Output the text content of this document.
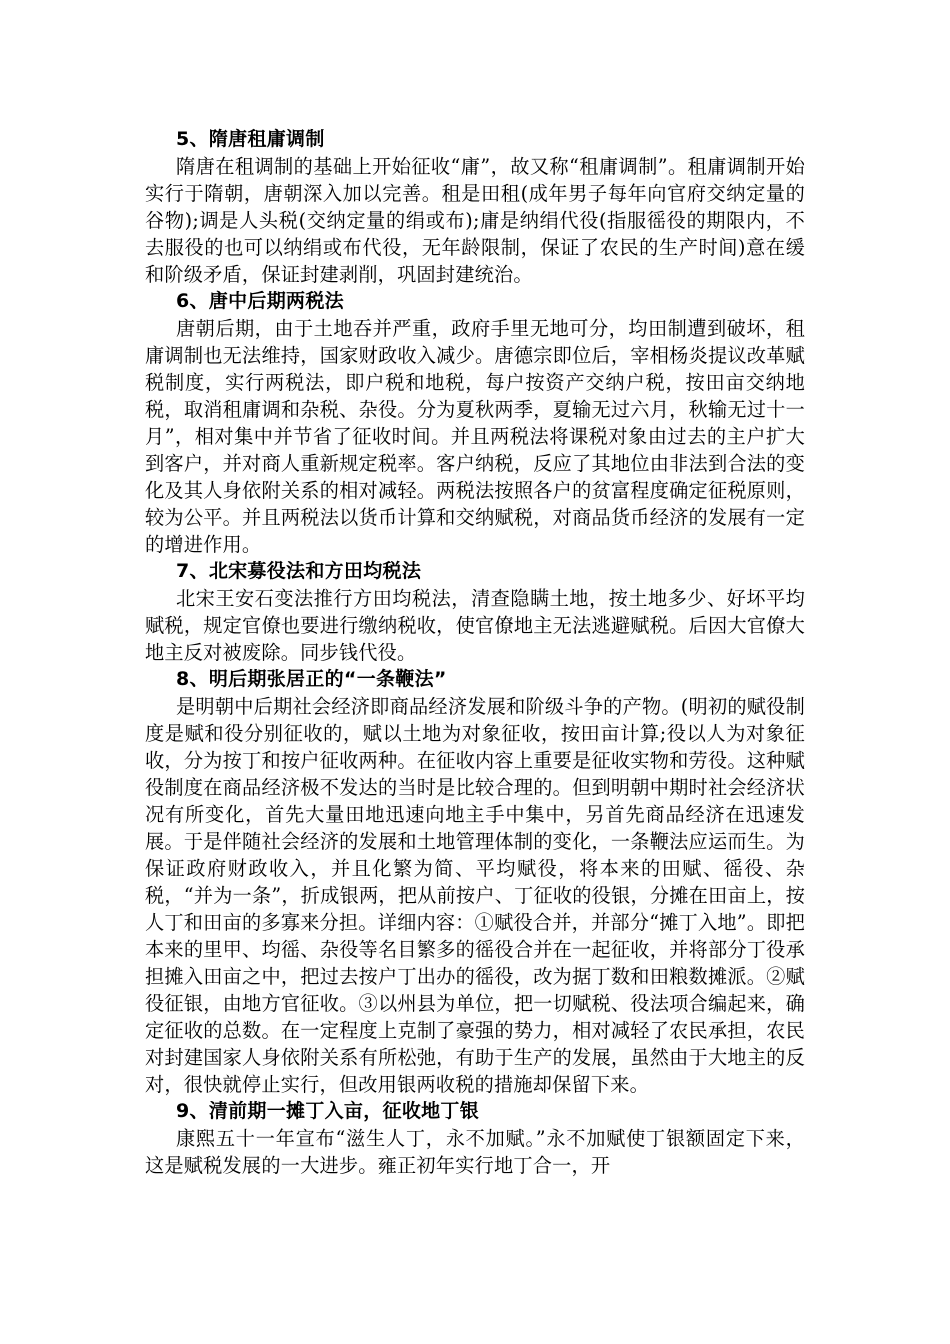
5、隋唐租庸调制

隋唐在租调制的基础上开始征收“庸”，故又称“租庸调制”。租庸调制开始实行于隋朝，唐朝深入加以完善。租是田租(成年男子每年向官府交纳定量的谷物);调是人头税(交纳定量的绢或布);庸是纳绢代役(指服徭役的期限内，不去服役的也可以纳绢或布代役，无年龄限制，保证了农民的生产时间)意在缓和阶级矛盾，保证封建剥削，巩固封建统治。

6、唐中后期两税法

唐朝后期，由于土地吞并严重，政府手里无地可分，均田制遭到破坏，租庸调制也无法维持，国家财政收入减少。唐德宗即位后，宰相杨炎提议改革赋税制度，实行两税法，即户税和地税，每户按资产交纳户税，按田亩交纳地税，取消租庸调和杂税、杂役。分为夏秋两季，夏输无过六月，秋输无过十一月”，相对集中并节省了征收时间。并且两税法将课税对象由过去的主户扩大到客户，并对商人重新规定税率。客户纳税，反应了其地位由非法到合法的变化及其人身依附关系的相对减轻。两税法按照各户的贫富程度确定征税原则，较为公平。并且两税法以货币计算和交纳赋税，对商品货币经济的发展有一定的增进作用。

7、北宋募役法和方田均税法

北宋王安石变法推行方田均税法，清查隐瞒土地，按土地多少、好坏平均赋税，规定官僚也要进行缴纳税收，使官僚地主无法逃避赋税。后因大官僚大地主反对被废除。同步钱代役。

8、明后期张居正的“一条鞭法”

是明朝中后期社会经济即商品经济发展和阶级斗争的产物。(明初的赋役制度是赋和役分别征收的，赋以土地为对象征收，按田亩计算;役以人为对象征收，分为按丁和按户征收两种。在征收内容上重要是征收实物和劳役。这种赋役制度在商品经济极不发达的当时是比较合理的。但到明朝中期时社会经济状况有所变化，首先大量田地迅速向地主手中集中，另首先商品经济在迅速发展。于是伴随社会经济的发展和土地管理体制的变化，一条鞭法应运而生。为保证政府财政收入，并且化繁为简、平均赋役，将本来的田赋、徭役、杂税，“并为一条”，折成银两，把从前按户、丁征收的役银，分摊在田亩上，按人丁和田亩的多寡来分担。详细内容：①赋役合并，并部分“摊丁入地”。即把本来的里甲、均徭、杂役等名目繁多的徭役合并在一起征收，并将部分丁役承担摊入田亩之中，把过去按户丁出办的徭役，改为据丁数和田粮数摊派。②赋役征银，由地方官征收。③以州县为单位，把一切赋税、役法项合编起来，确定征收的总数。在一定程度上克制了豪强的势力，相对减轻了农民承担，农民对封建国家人身依附关系有所松弛，有助于生产的发展，虽然由于大地主的反对，很快就停止实行，但改用银两收税的措施却保留下来。

9、清前期一摊丁入亩，征收地丁银

康熙五十一年宣布“滋生人丁，永不加赋。”永不加赋使丁银额固定下来，这是赋税发展的一大进步。雍正初年实行地丁合一，开
